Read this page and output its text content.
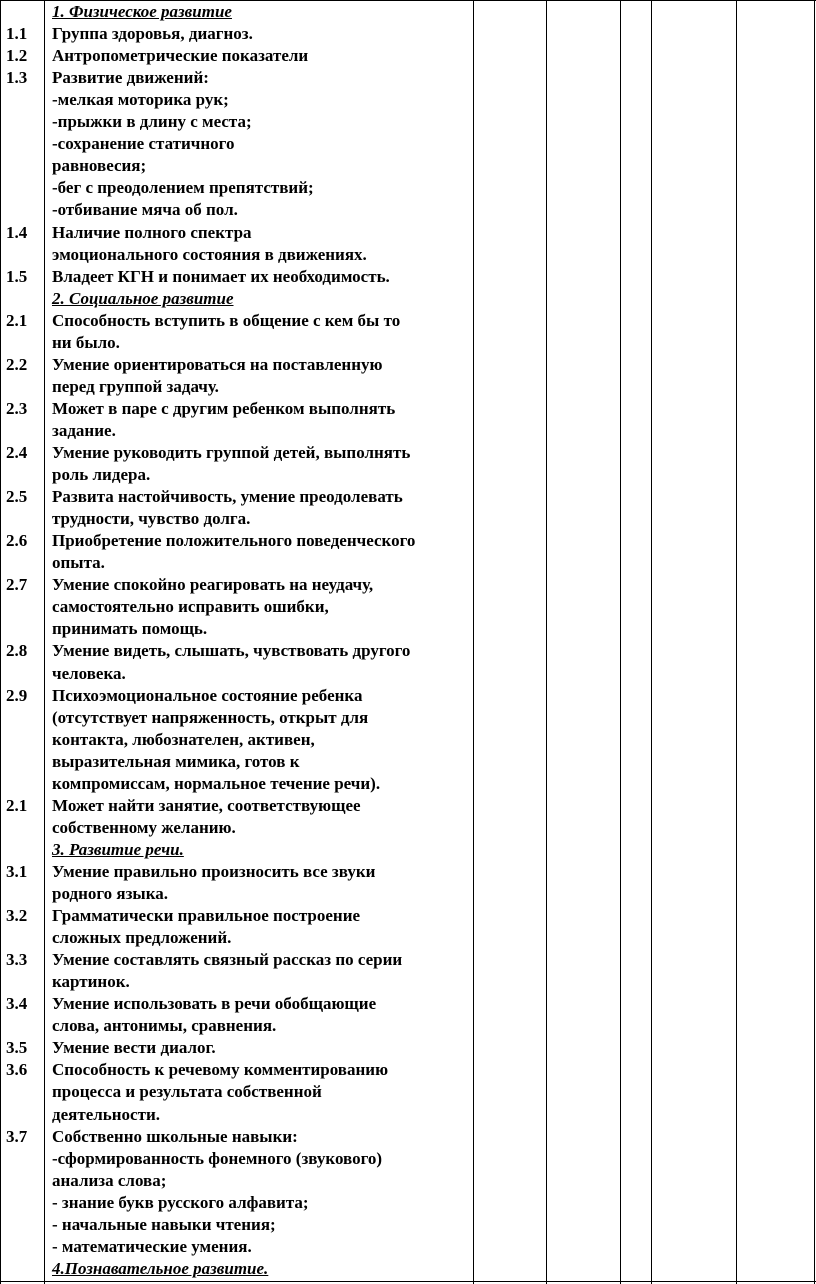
1. Физическое развитие
1.1	Группа здоровья, диагноз.
1.2	Антропометрические показатели
1.3	Развитие движений:
-мелкая моторика рук;
-прыжки в длину с места;
-сохранение статичного
равновесия;
-бег с преодолением препятствий;
-отбивание мяча об пол.
1.4	Наличие полного спектра
эмоционального состояния в движениях.
1.5	Владеет КГН и понимает их необходимость.
2. Социальное развитие
2.1	Способность вступить в общение с кем бы то
ни было.
2.2	Умение ориентироваться на поставленную
перед группой задачу.
2.3	Может в паре с другим ребенком выполнять
задание.
2.4	Умение руководить группой детей, выполнять
роль лидера.
2.5	Развита настойчивость, умение преодолевать
трудности, чувство долга.
2.6	Приобретение положительного поведенческого
опыта.
2.7	Умение спокойно реагировать на неудачу,
самостоятельно исправить ошибки,
принимать помощь.
2.8	Умение видеть, слышать, чувствовать другого
человека.
2.9	Психоэмоциональное состояние ребенка
(отсутствует напряженность, открыт для
контакта, любознателен, активен,
выразительная мимика, готов к
компромиссам, нормальное течение речи).
2.1	Может найти занятие, соответствующее
собственному желанию.
3. Развитие речи.
3.1	Умение правильно произносить все звуки
родного языка.
3.2	Грамматически правильное построение
сложных предложений.
3.3	Умение составлять связный рассказ по серии
картинок.
3.4	Умение использовать в речи обобщающие
слова, антонимы, сравнения.
3.5	Умение вести диалог.
3.6	Способность к речевому комментированию
процесса и результата собственной
деятельности.
3.7	Собственно школьные навыки:
-сформированность фонемного (звукового)
анализа слова;
- знание букв русского алфавита;
- начальные навыки чтения;
- математические умения.
4.Познавательное развитие.
